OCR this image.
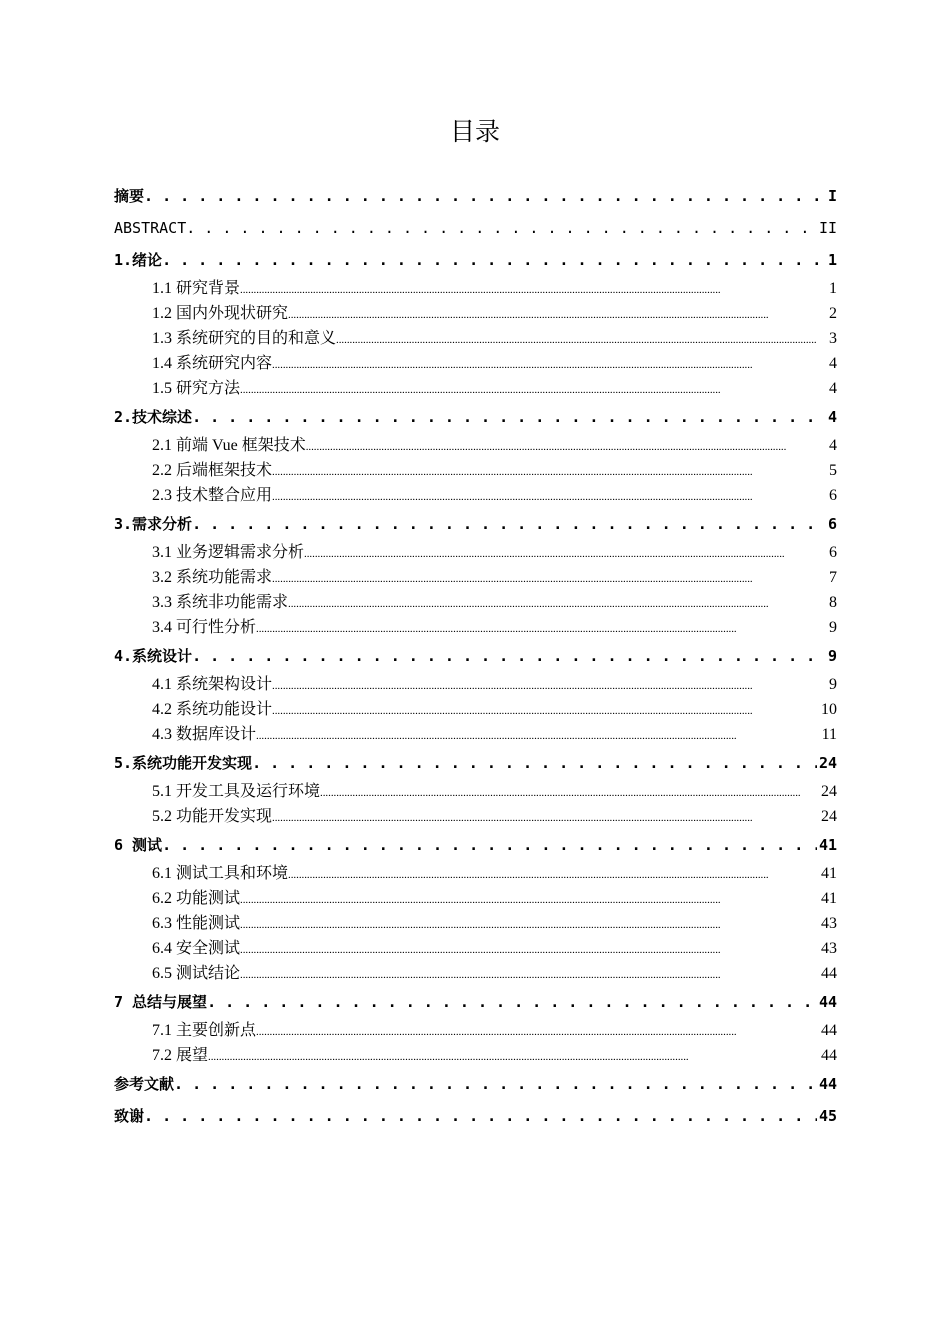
目录
摘要 . . .	I
ABSTRACT . . .	II
1.绪论 . . .	1
1.1 研究背景 . . .	1
1.2 国内外现状研究 . . .	2
1.3 系统研究的目的和意义 . . .	3
1.4 系统研究内容 . . .	4
1.5 研究方法 . . .	4
2.技术综述 . . .	4
2.1 前端 Vue 框架技术 . . .	4
2.2 后端框架技术 . . .	5
2.3 技术整合应用 . . .	6
3.需求分析 . . .	6
3.1 业务逻辑需求分析 . . .	6
3.2 系统功能需求 . . .	7
3.3 系统非功能需求 . . .	8
3.4 可行性分析 . . .	9
4.系统设计 . . .	9
4.1 系统架构设计 . . .	9
4.2 系统功能设计 . . .	10
4.3 数据库设计 . . .	11
5.系统功能开发实现 . . .	24
5.1 开发工具及运行环境 . . .	24
5.2 功能开发实现 . . .	24
6 测试 . . .	41
6.1 测试工具和环境 . . .	41
6.2 功能测试 . . .	41
6.3 性能测试 . . .	43
6.4 安全测试 . . .	43
6.5 测试结论 . . .	44
7 总结与展望 . . .	44
7.1 主要创新点 . . .	44
7.2 展望 . . .	44
参考文献 . . .	44
致谢 . . .	45
